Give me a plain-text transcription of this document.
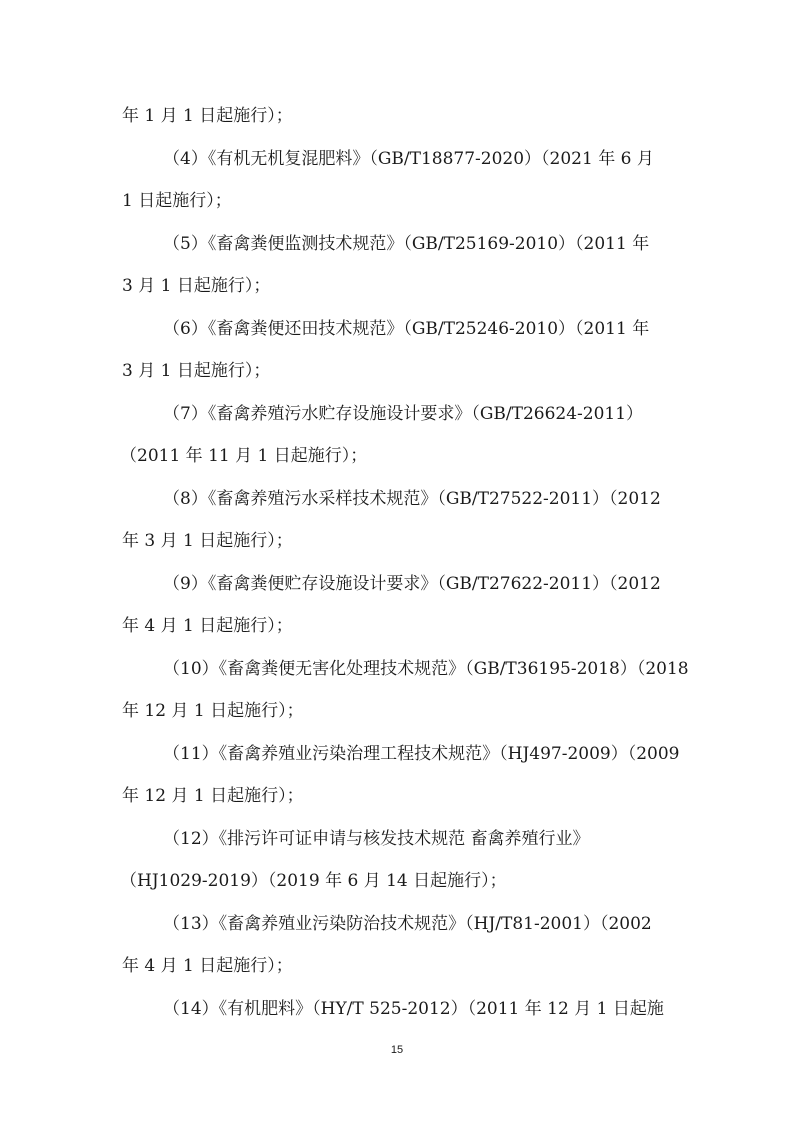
年 1 月 1 日起施行）；
（4）《有机无机复混肥料》（GB/T18877-2020）（2021 年 6 月
1 日起施行）；
（5）《畜禽粪便监测技术规范》（GB/T25169-2010）（2011 年
3 月 1 日起施行）；
（6）《畜禽粪便还田技术规范》（GB/T25246-2010）（2011 年
3 月 1 日起施行）；
（7）《畜禽养殖污水贮存设施设计要求》（GB/T26624-2011）
（2011 年 11 月 1 日起施行）；
（8）《畜禽养殖污水采样技术规范》（GB/T27522-2011）（2012
年 3 月 1 日起施行）；
（9）《畜禽粪便贮存设施设计要求》（GB/T27622-2011）（2012
年 4 月 1 日起施行）；
（10）《畜禽粪便无害化处理技术规范》（GB/T36195-2018）（2018
年 12 月 1 日起施行）；
（11）《畜禽养殖业污染治理工程技术规范》（HJ497-2009）（2009
年 12 月 1 日起施行）；
（12）《排污许可证申请与核发技术规范 畜禽养殖行业》
（HJ1029-2019）（2019 年 6 月 14 日起施行）；
（13）《畜禽养殖业污染防治技术规范》（HJ/T81-2001）（2002
年 4 月 1 日起施行）；
（14）《有机肥料》（HY/T 525-2012）（2011 年 12 月 1 日起施
15
